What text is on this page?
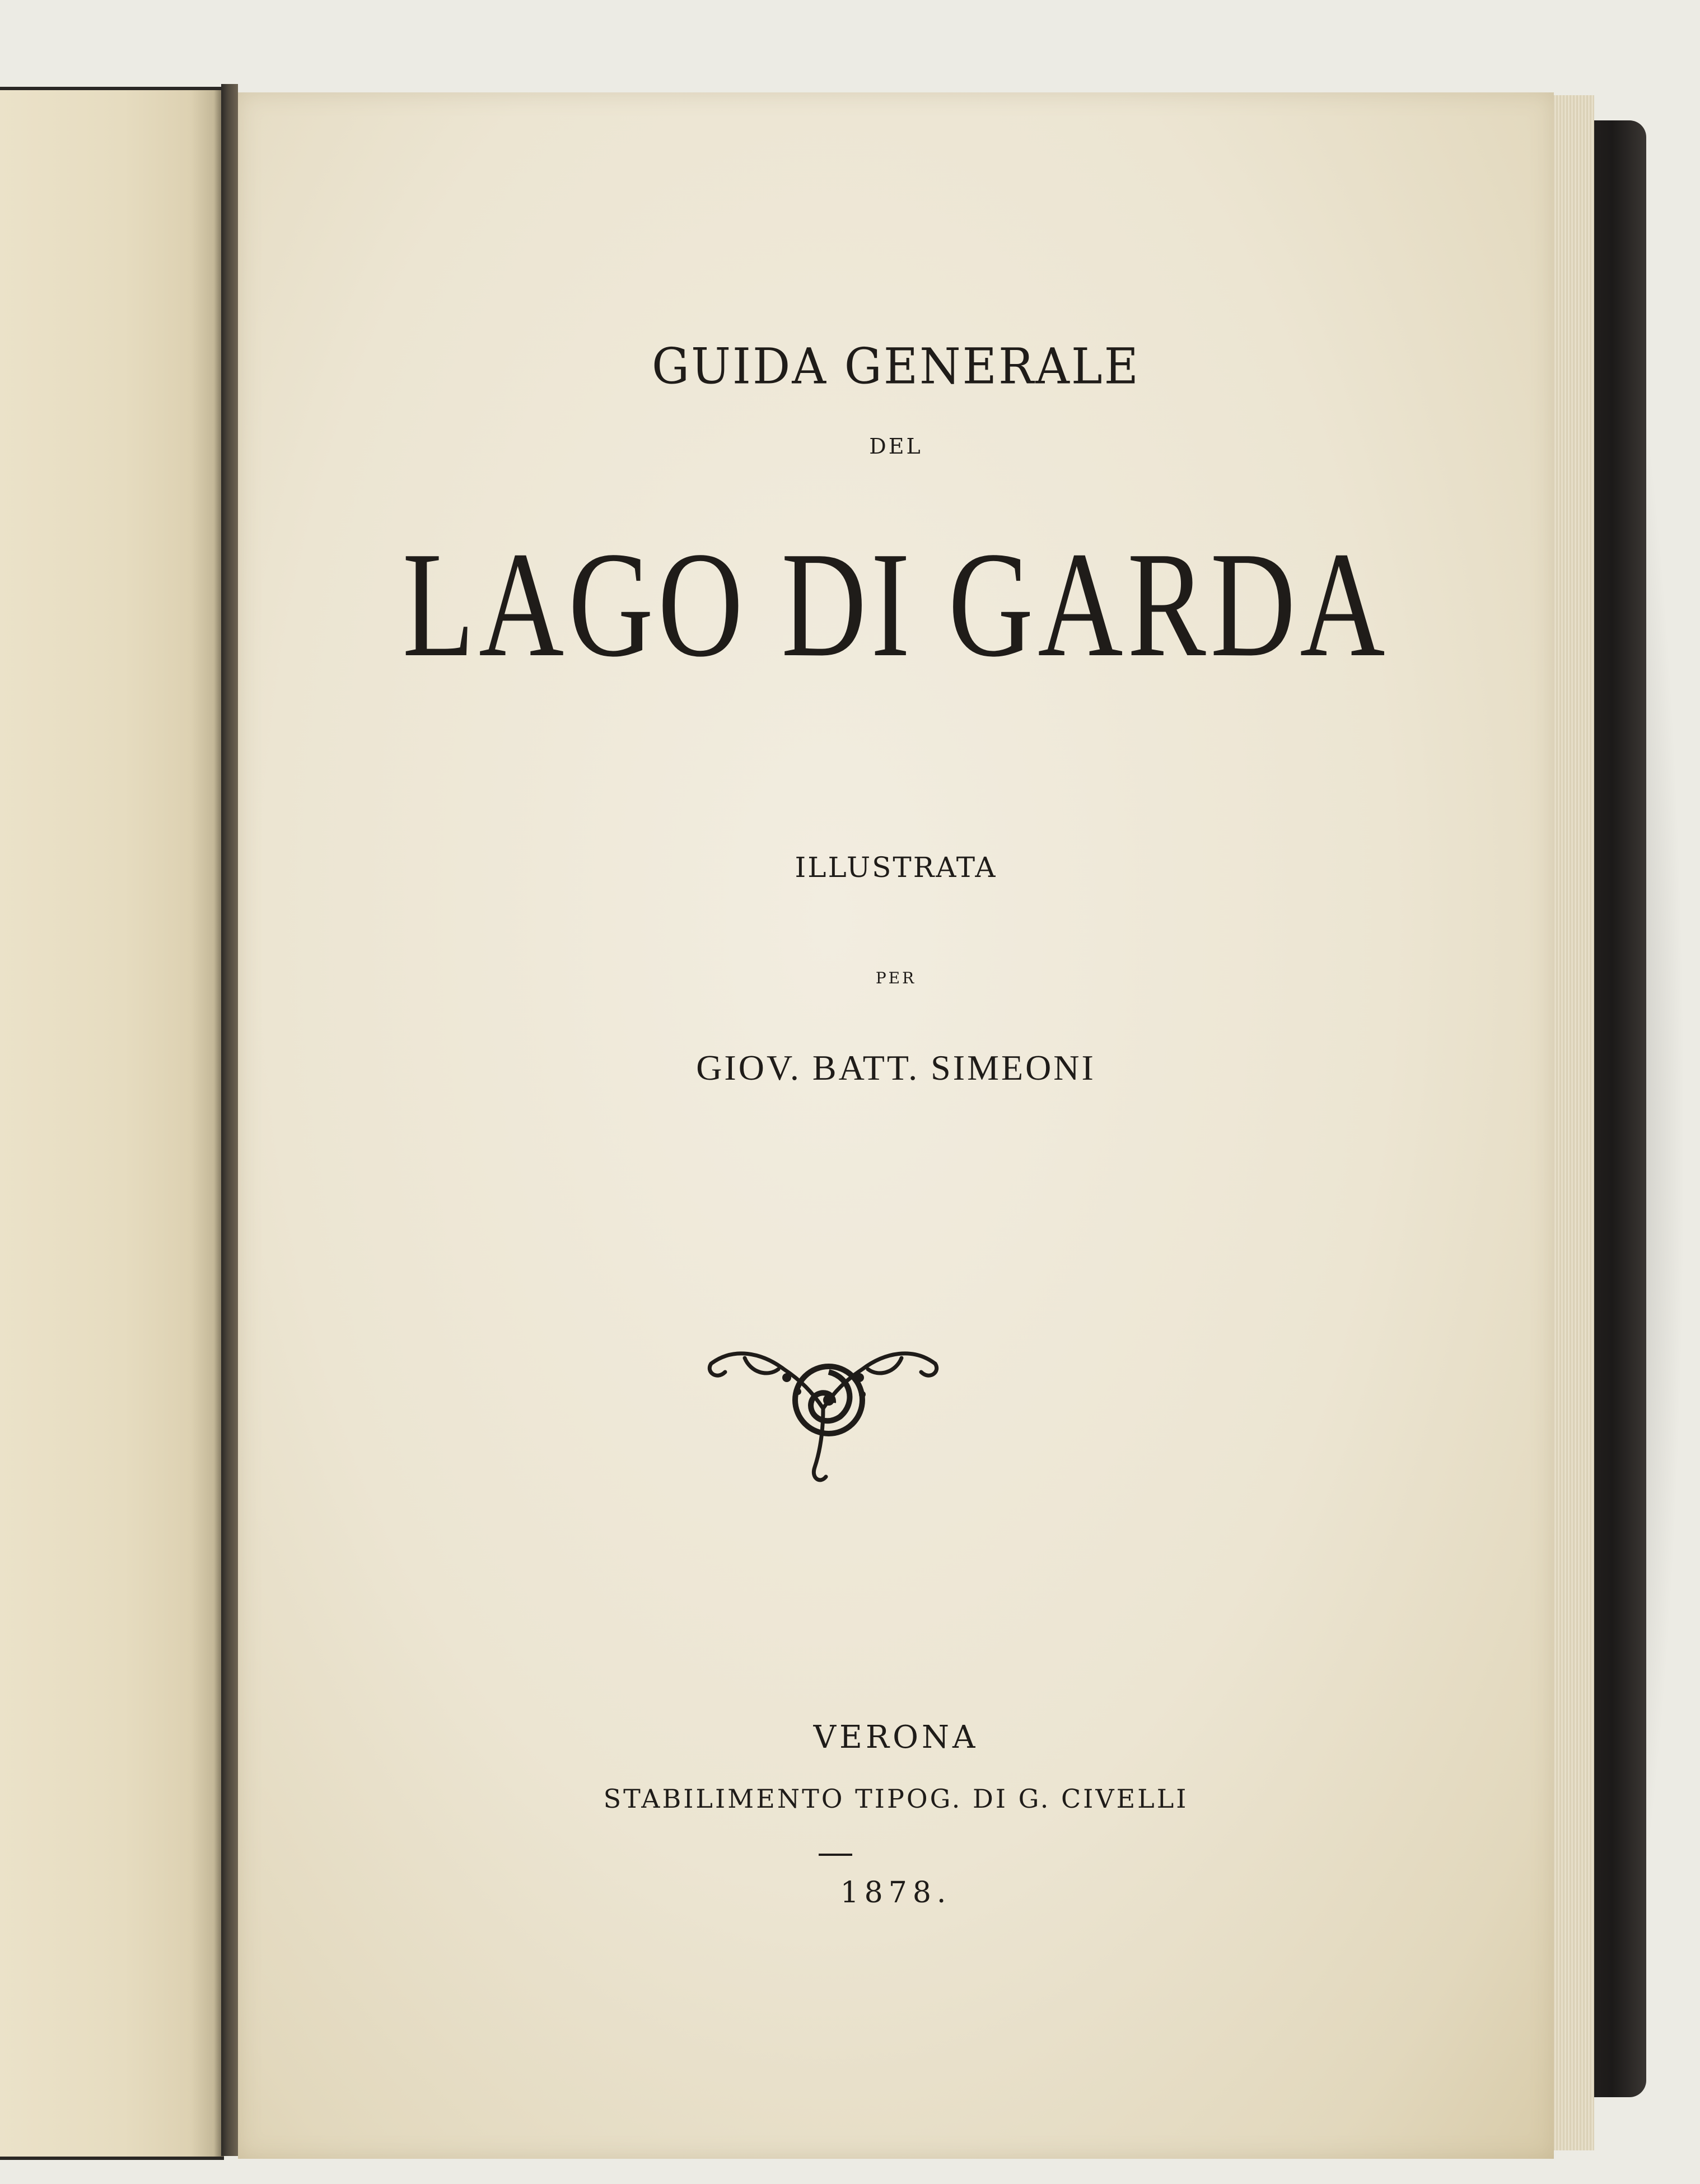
GUIDA GENERALE
DEL
LAGO DI GARDA
ILLUSTRATA
PER
GIOV. BATT. SIMEONI
VERONA
STABILIMENTO TIPOG. DI G. CIVELLI
1878.
